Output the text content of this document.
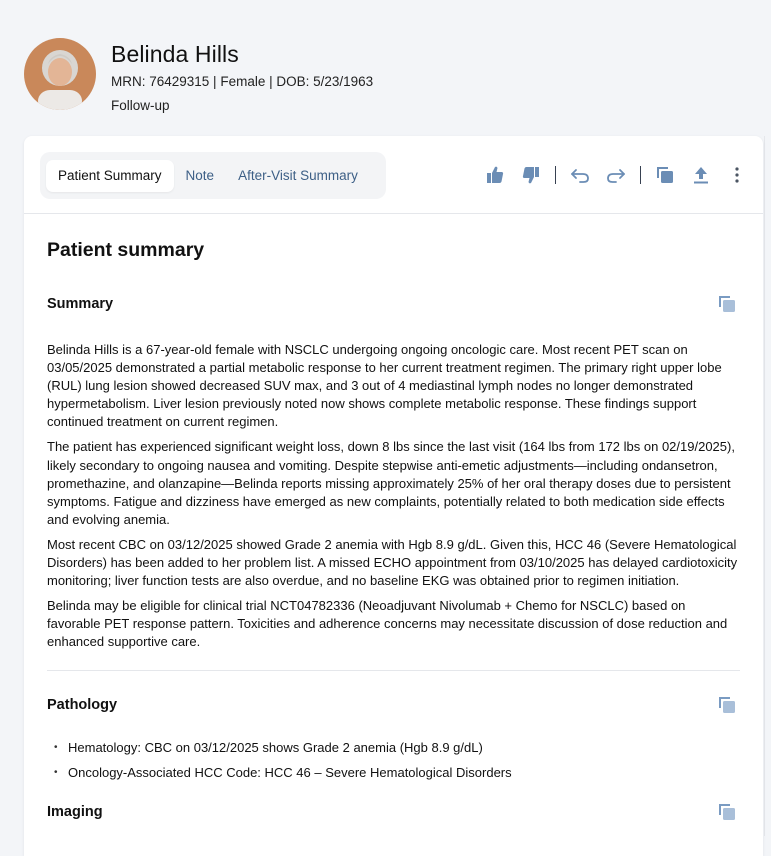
Belinda Hills
MRN: 76429315 | Female | DOB: 5/23/1963
Follow-up
Patient Summary	Note	After-Visit Summary
Patient summary
Summary

Belinda Hills is a 67-year-old female with NSCLC undergoing ongoing oncologic care. Most recent PET scan on 03/05/2025 demonstrated a partial metabolic response to her current treatment regimen. The primary right upper lobe (RUL) lung lesion showed decreased SUV max, and 3 out of 4 mediastinal lymph nodes no longer demonstrated hypermetabolism. Liver lesion previously noted now shows complete metabolic response. These findings support continued treatment on current regimen.

The patient has experienced significant weight loss, down 8 lbs since the last visit (164 lbs from 172 lbs on 02/19/2025), likely secondary to ongoing nausea and vomiting. Despite stepwise anti-emetic adjustments—including ondansetron, promethazine, and olanzapine—Belinda reports missing approximately 25% of her oral therapy doses due to persistent symptoms. Fatigue and dizziness have emerged as new complaints, potentially related to both medication side effects and evolving anemia.

Most recent CBC on 03/12/2025 showed Grade 2 anemia with Hgb 8.9 g/dL. Given this, HCC 46 (Severe Hematological Disorders) has been added to her problem list. A missed ECHO appointment from 03/10/2025 has delayed cardiotoxicity monitoring; liver function tests are also overdue, and no baseline EKG was obtained prior to regimen initiation.

Belinda may be eligible for clinical trial NCT04782336 (Neoadjuvant Nivolumab + Chemo for NSCLC) based on favorable PET response pattern. Toxicities and adherence concerns may necessitate discussion of dose reduction and enhanced supportive care.

Pathology
• Hematology: CBC on 03/12/2025 shows Grade 2 anemia (Hgb 8.9 g/dL)
• Oncology-Associated HCC Code: HCC 46 – Severe Hematological Disorders
Imaging
